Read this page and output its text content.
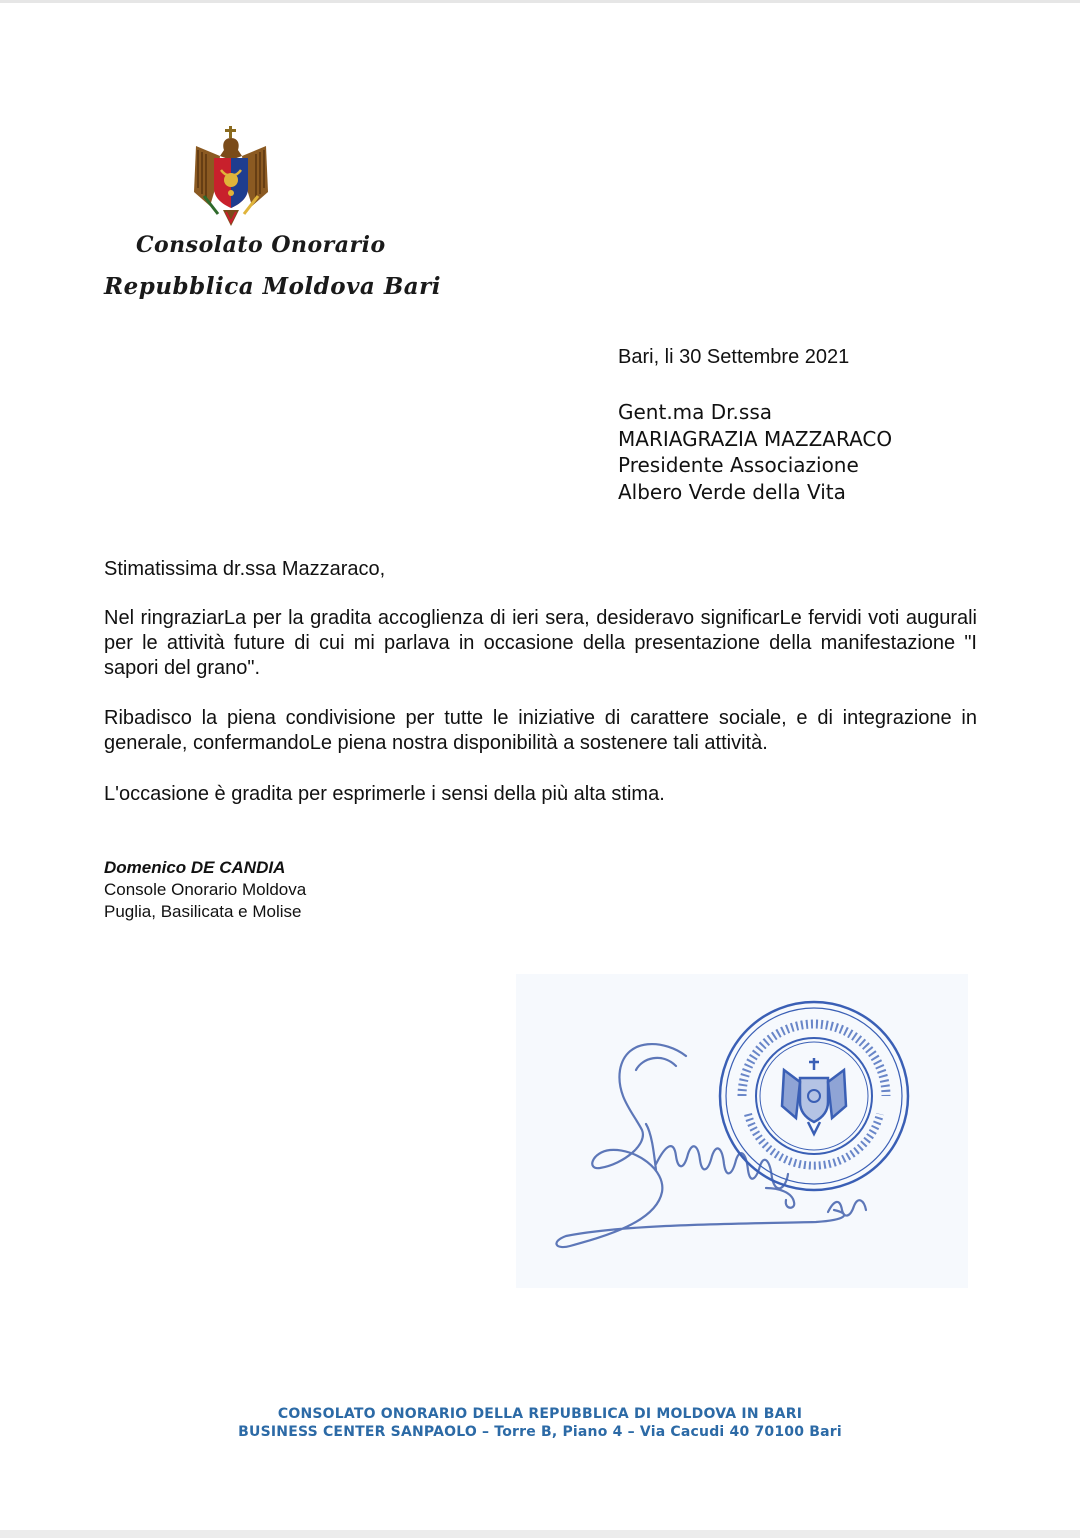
Consolato Onorario
Repubblica Moldova Bari
Bari, li 30 Settembre 2021
Gent.ma Dr.ssa
MARIAGRAZIA MAZZARACO
Presidente Associazione
Albero Verde della Vita
Stimatissima dr.ssa Mazzaraco,
Nel ringraziarLa per la gradita accoglienza di ieri sera, desideravo significarLe fervidi voti augurali per le attività future di cui mi parlava in occasione della presentazione della manifestazione "I sapori del grano".
Ribadisco la piena condivisione per tutte le iniziative di carattere sociale, e di integrazione in generale, confermandoLe piena nostra disponibilità a sostenere tali attività.
L'occasione è gradita per esprimerle i sensi della più alta stima.
Domenico DE CANDIA
Console Onorario Moldova
Puglia, Basilicata e Molise
CONSOLATO ONORARIO DELLA REPUBBLICA DI MOLDOVA IN BARI
BUSINESS CENTER SANPAOLO – Torre B, Piano 4 – Via Cacudi 40 70100 Bari
